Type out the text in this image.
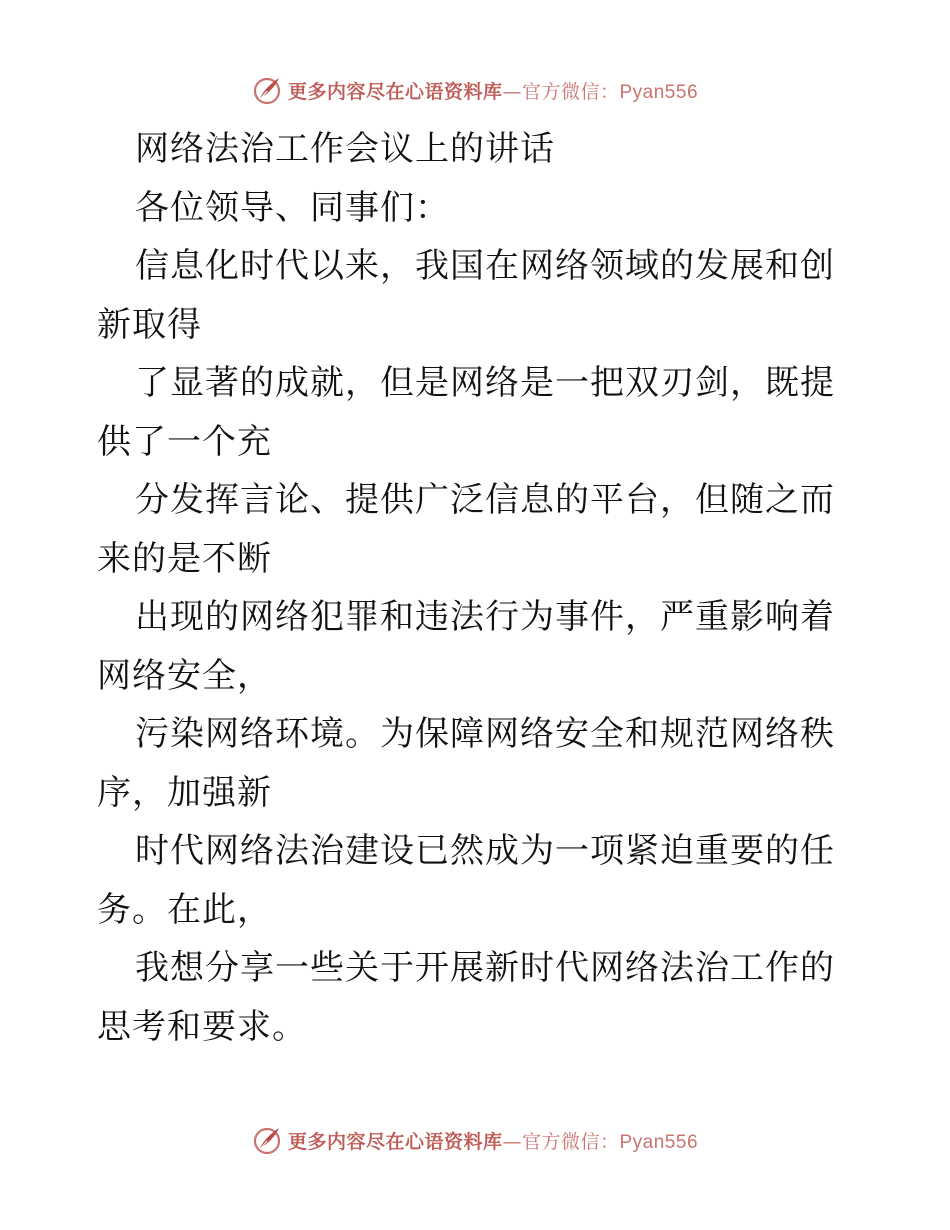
更多内容尽在心语资料库—官方微信：Pyan556

网络法治工作会议上的讲话

各位领导、同事们：

信息化时代以来，我国在网络领域的发展和创新取得

了显著的成就，但是网络是一把双刃剑，既提供了一个充

分发挥言论、提供广泛信息的平台，但随之而来的是不断

出现的网络犯罪和违法行为事件，严重影响着网络安全，

污染网络环境。为保障网络安全和规范网络秩序，加强新

时代网络法治建设已然成为一项紧迫重要的任务。在此，

我想分享一些关于开展新时代网络法治工作的思考和要求。

更多内容尽在心语资料库—官方微信：Pyan556
